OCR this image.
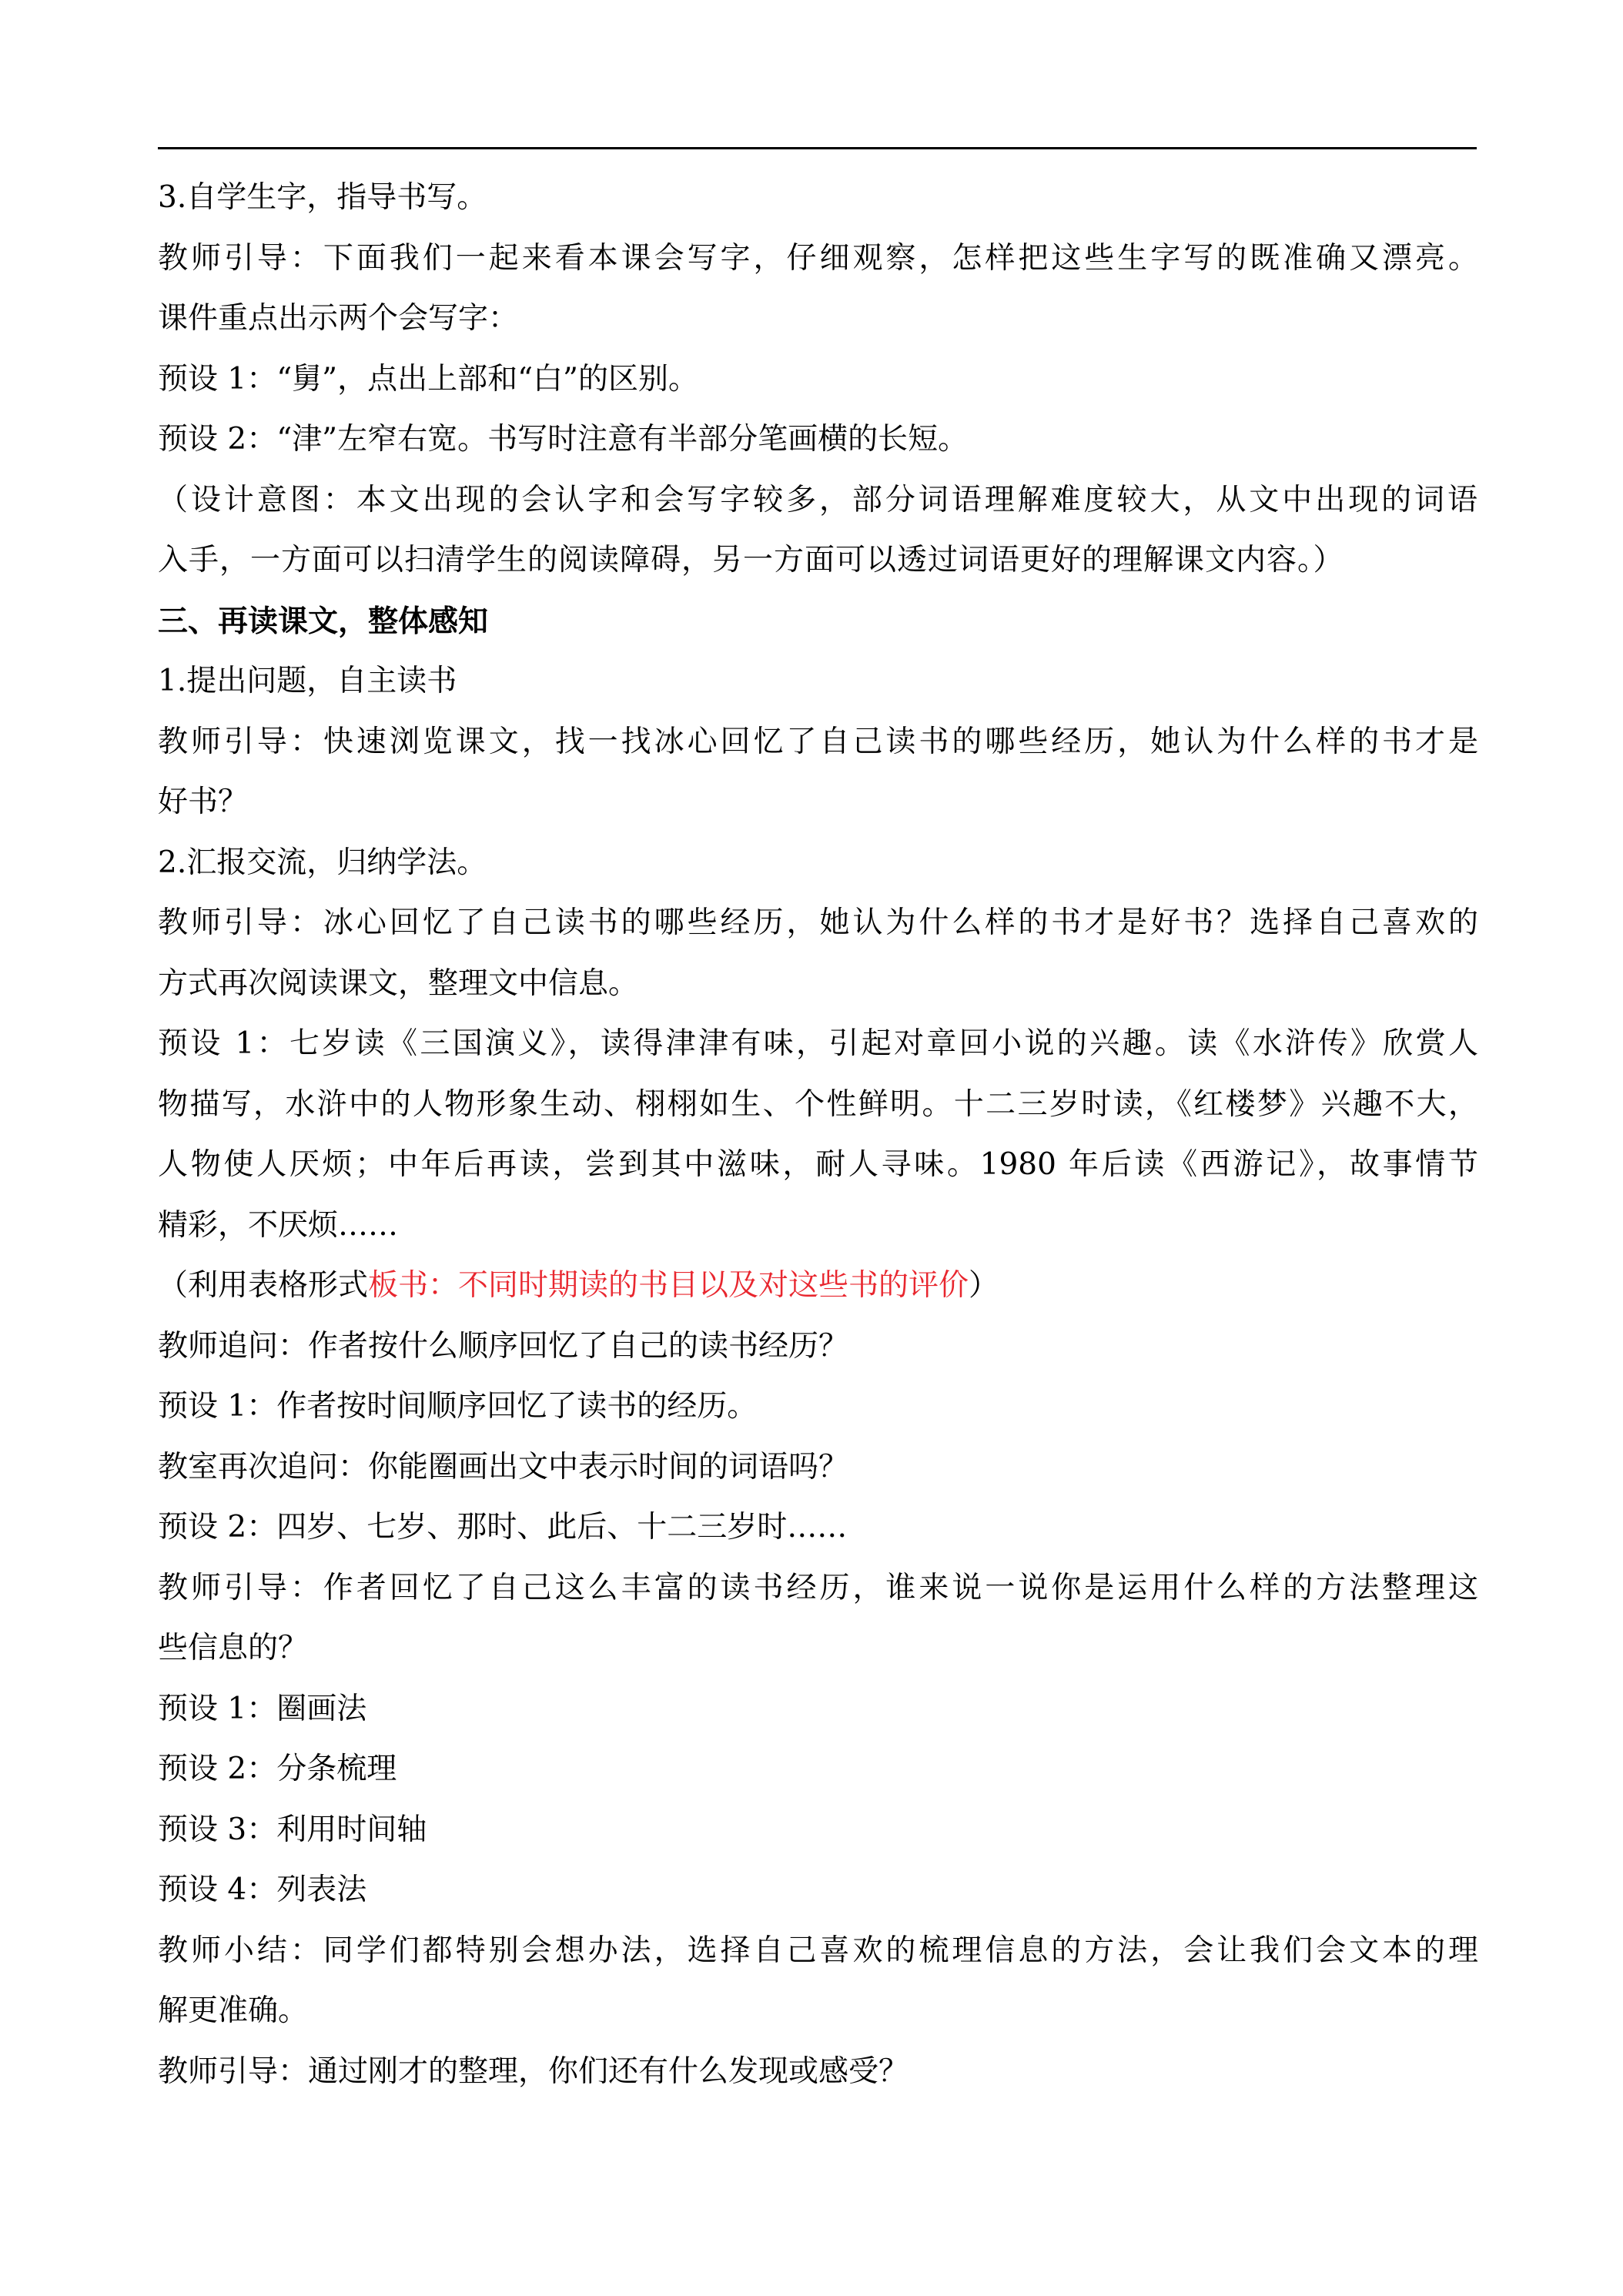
3.自学生字，指导书写。
教师引导：下面我们一起来看本课会写字，仔细观察，怎样把这些生字写的既准确又漂亮。
课件重点出示两个会写字：
预设 1：“舅”，点出上部和“白”的区别。
预设 2：“津”左窄右宽。书写时注意有半部分笔画横的长短。
（设计意图：本文出现的会认字和会写字较多，部分词语理解难度较大，从文中出现的词语
入手，一方面可以扫清学生的阅读障碍，另一方面可以透过词语更好的理解课文内容。）
三、再读课文，整体感知
1.提出问题，自主读书
教师引导：快速浏览课文，找一找冰心回忆了自己读书的哪些经历，她认为什么样的书才是
好书？
2.汇报交流，归纳学法。
教师引导：冰心回忆了自己读书的哪些经历，她认为什么样的书才是好书？选择自己喜欢的
方式再次阅读课文，整理文中信息。
预设 1：七岁读《三国演义》，读得津津有味，引起对章回小说的兴趣。读《水浒传》欣赏人
物描写，水浒中的人物形象生动、栩栩如生、个性鲜明。十二三岁时读，《红楼梦》兴趣不大，
人物使人厌烦；中年后再读，尝到其中滋味，耐人寻味。1980 年后读《西游记》，故事情节
精彩，不厌烦……
（利用表格形式板书：不同时期读的书目以及对这些书的评价）
教师追问：作者按什么顺序回忆了自己的读书经历？
预设 1：作者按时间顺序回忆了读书的经历。
教室再次追问：你能圈画出文中表示时间的词语吗？
预设 2：四岁、七岁、那时、此后、十二三岁时……
教师引导：作者回忆了自己这么丰富的读书经历，谁来说一说你是运用什么样的方法整理这
些信息的？
预设 1：圈画法
预设 2：分条梳理
预设 3：利用时间轴
预设 4：列表法
教师小结：同学们都特别会想办法，选择自己喜欢的梳理信息的方法，会让我们会文本的理
解更准确。
教师引导：通过刚才的整理，你们还有什么发现或感受？
